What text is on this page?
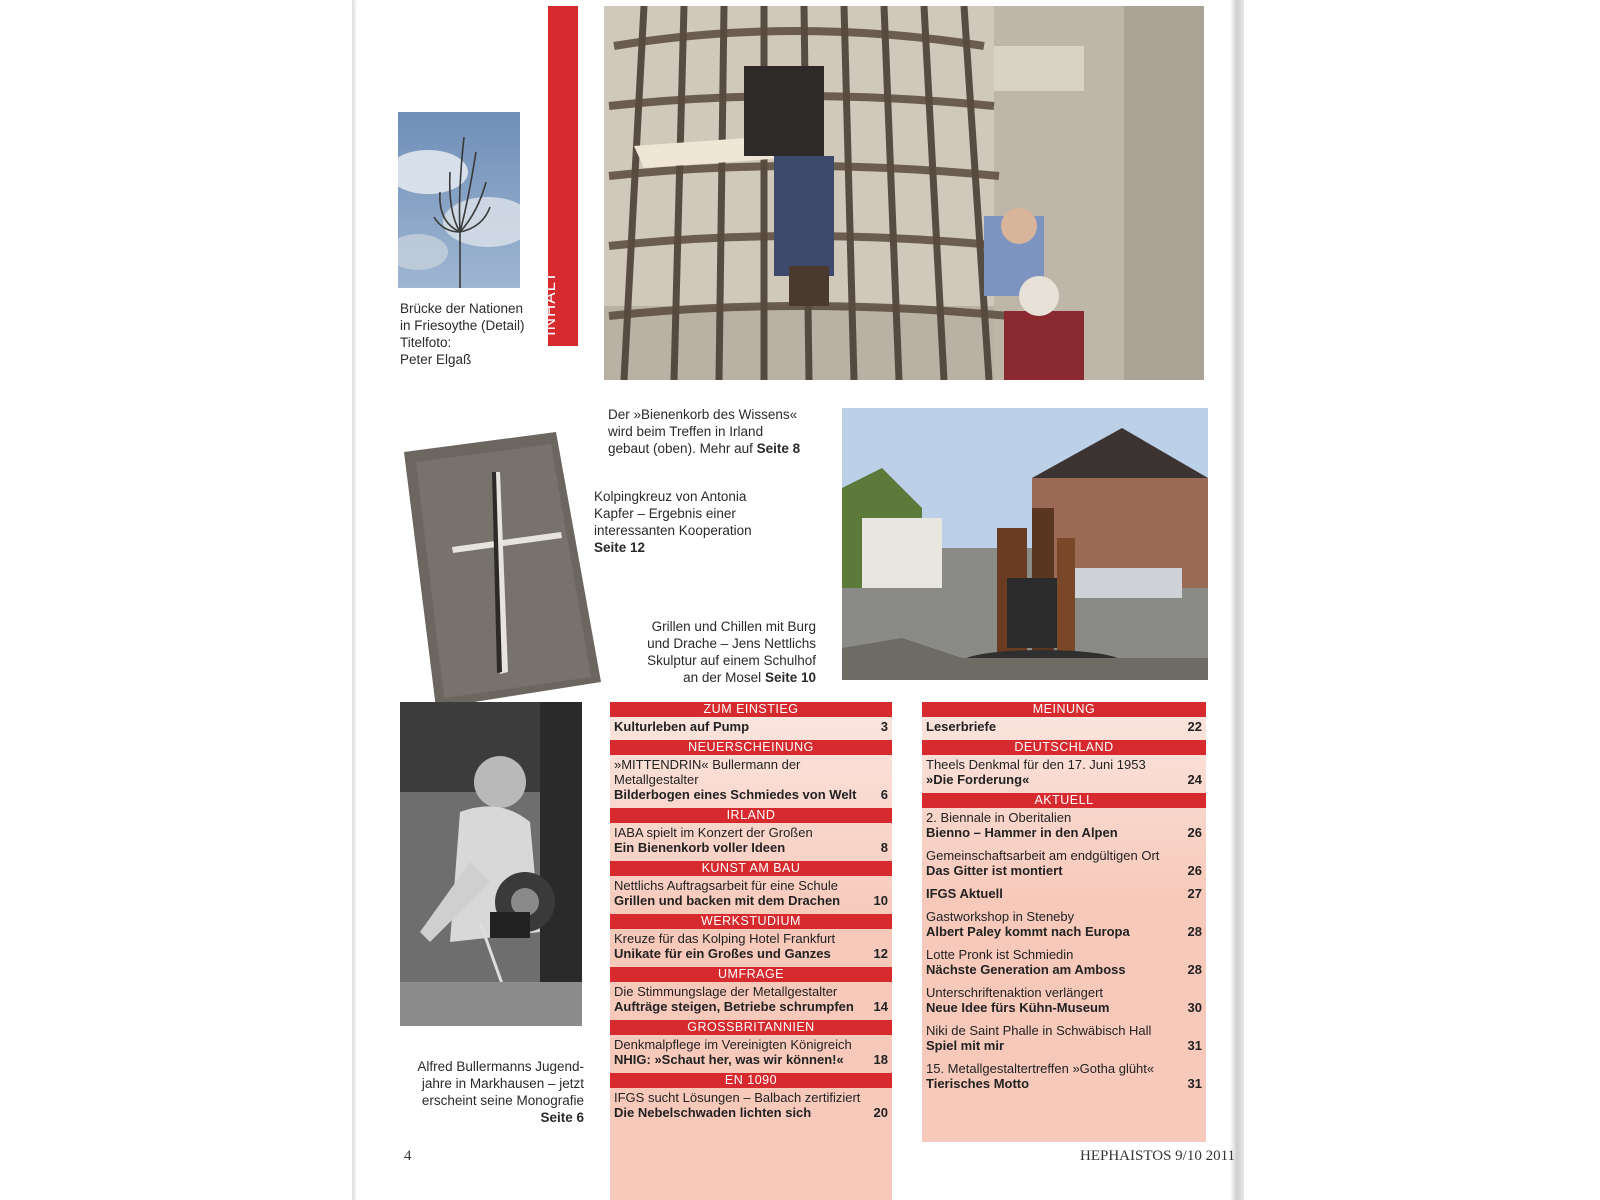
INHALT
Brücke der Nationen
in Friesoythe (Detail)
Titelfoto:
Peter Elgaß
Der »Bienenkorb des Wissens«
wird beim Treffen in Irland
gebaut (oben). Mehr auf Seite 8
Kolpingkreuz von Antonia
Kapfer – Ergebnis einer
interessanten Kooperation
Seite 12
Grillen und Chillen mit Burg
und Drache – Jens Nettlichs
Skulptur auf einem Schulhof
an der Mosel Seite 10
Alfred Bullermanns Jugend-
jahre in Markhausen – jetzt
erscheint seine Monografie
Seite 6
ZUM EINSTIEG
Kulturleben auf Pump	3
NEUERSCHEINUNG
»MITTENDRIN« Bullermann der Metallgestalter
Bilderbogen eines Schmiedes von Welt	6
IRLAND
IABA spielt im Konzert der Großen
Ein Bienenkorb voller Ideen	8
KUNST AM BAU
Nettlichs Auftragsarbeit für eine Schule
Grillen und backen mit dem Drachen	10
WERKSTUDIUM
Kreuze für das Kolping Hotel Frankfurt
Unikate für ein Großes und Ganzes	12
UMFRAGE
Die Stimmungslage der Metallgestalter
Aufträge steigen, Betriebe schrumpfen	14
GROSSBRITANNIEN
Denkmalpflege im Vereinigten Königreich
NHIG: »Schaut her, was wir können!«	18
EN 1090
IFGS sucht Lösungen – Balbach zertifiziert
Die Nebelschwaden lichten sich	20
MEINUNG
Leserbriefe	22
DEUTSCHLAND
Theels Denkmal für den 17. Juni 1953
»Die Forderung«	24
AKTUELL
2. Biennale in Oberitalien
Bienno – Hammer in den Alpen	26
Gemeinschaftsarbeit am endgültigen Ort
Das Gitter ist montiert	26
IFGS Aktuell	27
Gastworkshop in Steneby
Albert Paley kommt nach Europa	28
Lotte Pronk ist Schmiedin
Nächste Generation am Amboss	28
Unterschriftenaktion verlängert
Neue Idee fürs Kühn-Museum	30
Niki de Saint Phalle in Schwäbisch Hall
Spiel mit mir	31
15. Metallgestaltertreffen »Gotha glüht«
Tierisches Motto	31
4	HEPHAISTOS 9/10 2011
